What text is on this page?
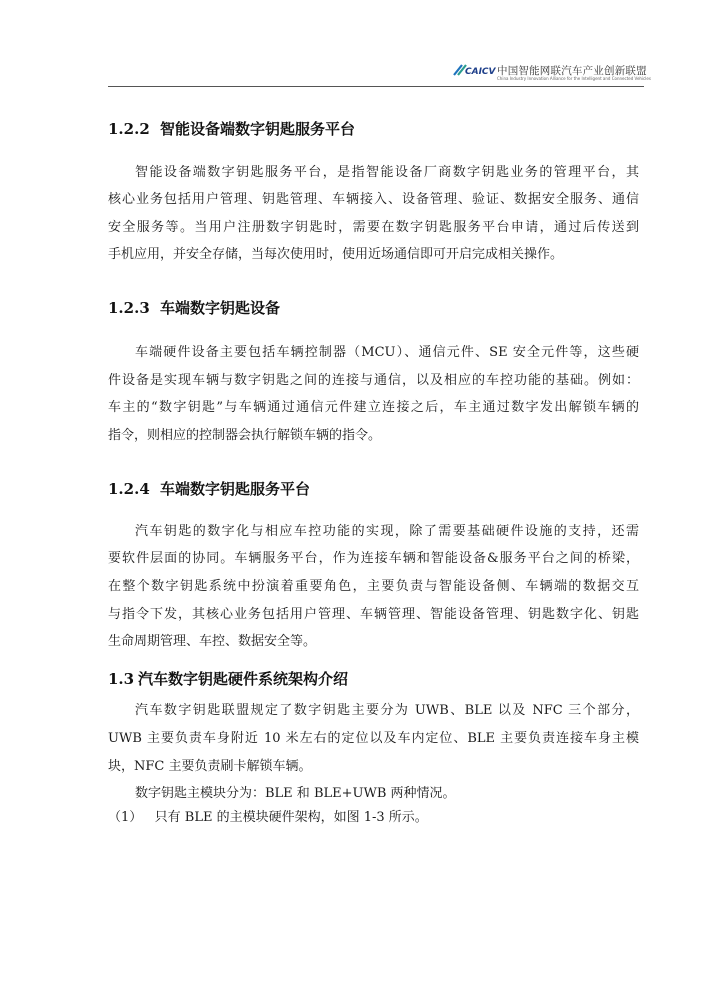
CAICV 中国智能网联汽车产业创新联盟
China Industry Innovation Alliance for the Intelligent and Connected Vehicles
1.2.2 智能设备端数字钥匙服务平台
智能设备端数字钥匙服务平台，是指智能设备厂商数字钥匙业务的管理平台，其
核心业务包括用户管理、钥匙管理、车辆接入、设备管理、验证、数据安全服务、通信
安全服务等。当用户注册数字钥匙时，需要在数字钥匙服务平台申请，通过后传送到
手机应用，并安全存储，当每次使用时，使用近场通信即可开启完成相关操作。
1.2.3 车端数字钥匙设备
车端硬件设备主要包括车辆控制器（MCU）、通信元件、SE 安全元件等，这些硬
件设备是实现车辆与数字钥匙之间的连接与通信，以及相应的车控功能的基础。例如：
车主的“数字钥匙”与车辆通过通信元件建立连接之后，车主通过数字发出解锁车辆的
指令，则相应的控制器会执行解锁车辆的指令。
1.2.4 车端数字钥匙服务平台
汽车钥匙的数字化与相应车控功能的实现，除了需要基础硬件设施的支持，还需
要软件层面的协同。车辆服务平台，作为连接车辆和智能设备&服务平台之间的桥梁，
在整个数字钥匙系统中扮演着重要角色，主要负责与智能设备侧、车辆端的数据交互
与指令下发，其核心业务包括用户管理、车辆管理、智能设备管理、钥匙数字化、钥匙
生命周期管理、车控、数据安全等。
1.3 汽车数字钥匙硬件系统架构介绍
汽车数字钥匙联盟规定了数字钥匙主要分为 UWB、BLE 以及 NFC 三个部分，
UWB 主要负责车身附近 10 米左右的定位以及车内定位、BLE 主要负责连接车身主模
块，NFC 主要负责刷卡解锁车辆。
数字钥匙主模块分为：BLE 和 BLE+UWB 两种情况。
（1）   只有 BLE 的主模块硬件架构，如图 1-3 所示。
